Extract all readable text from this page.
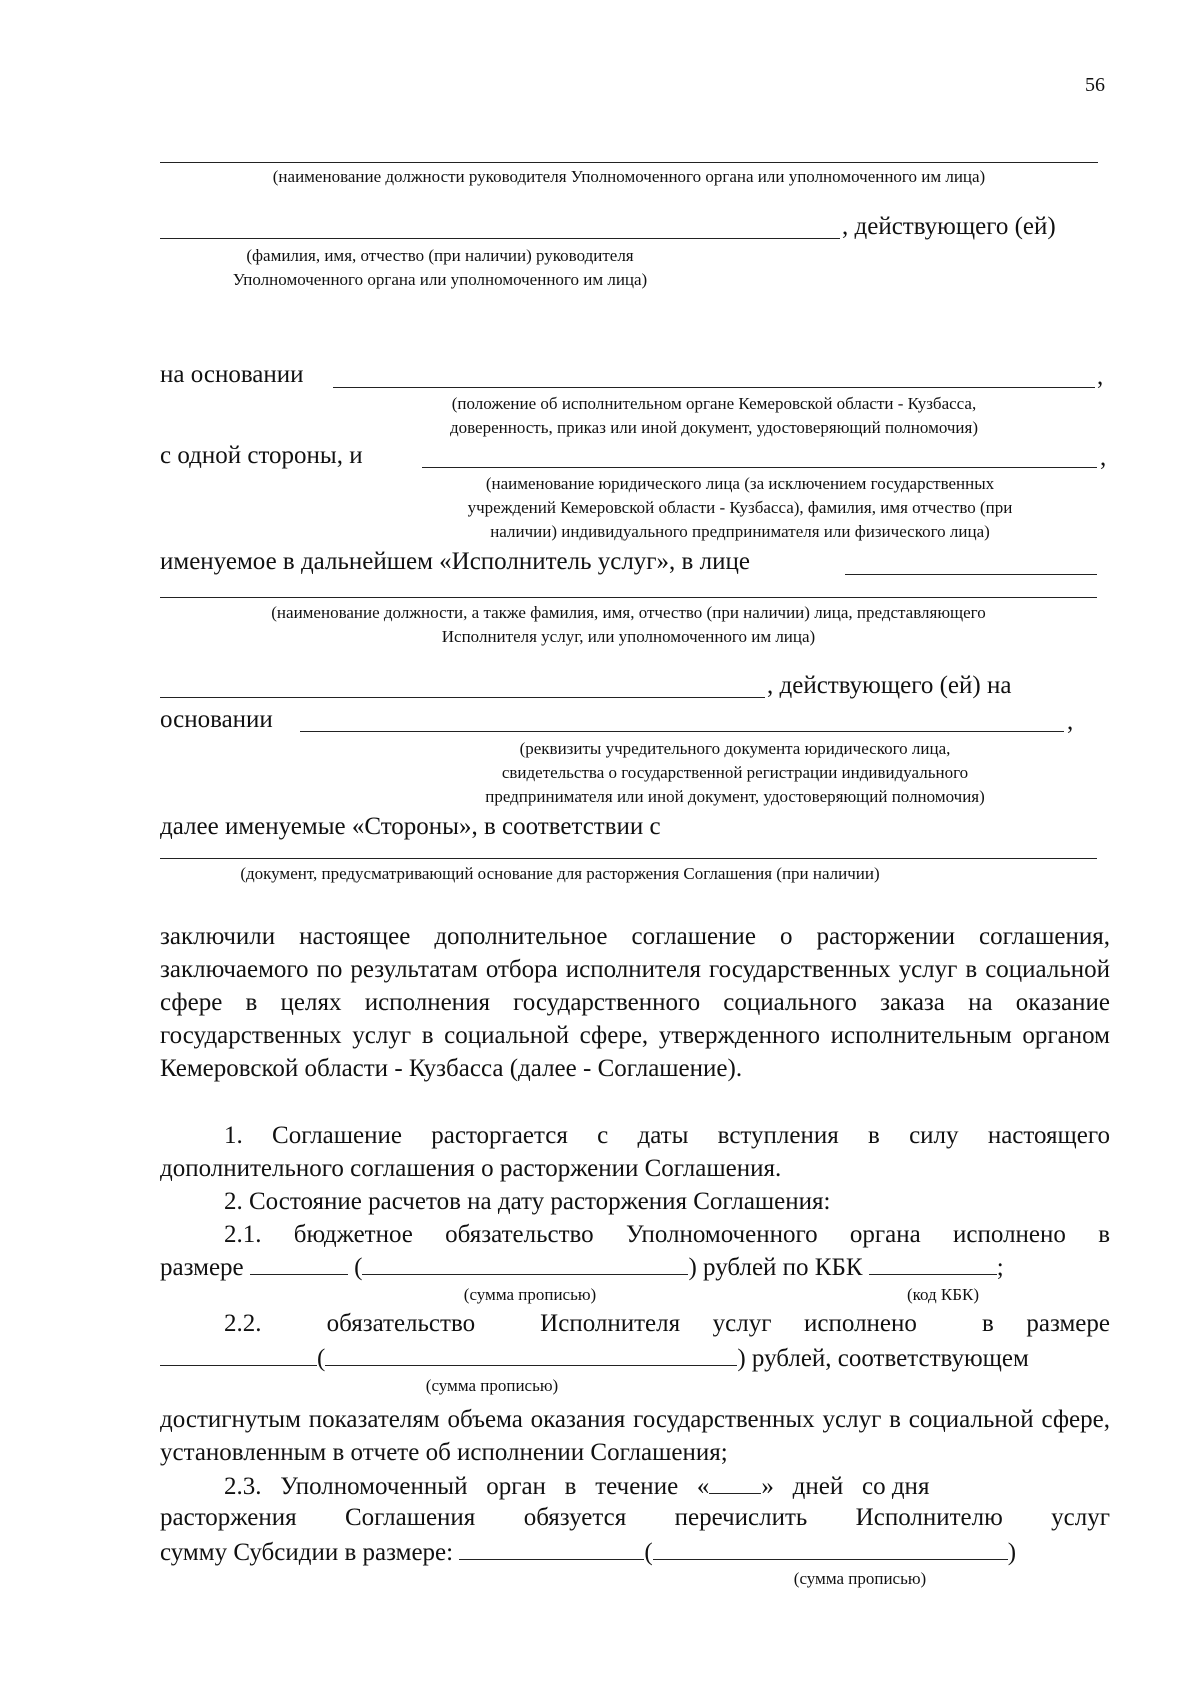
56
(наименование должности руководителя Уполномоченного органа или уполномоченного им лица)
, действующего (ей)
(фамилия, имя, отчество (при наличии) руководителя
Уполномоченного органа или уполномоченного им лица)
на основании	,
(положение об исполнительном органе Кемеровской области - Кузбасса,
доверенность, приказ или иной документ, удостоверяющий полномочия)
с одной стороны, и	,
(наименование юридического лица (за исключением государственных
учреждений Кемеровской области - Кузбасса), фамилия, имя отчество (при
наличии) индивидуального предпринимателя или физического лица)
именуемое в дальнейшем «Исполнитель услуг», в лице
(наименование должности, а также фамилия, имя, отчество (при наличии) лица, представляющего
Исполнителя услуг, или уполномоченного им лица)
, действующего (ей) на
основании	,
(реквизиты учредительного документа юридического лица,
свидетельства о государственной регистрации индивидуального
предпринимателя или иной документ, удостоверяющий полномочия)
далее именуемые «Стороны», в соответствии с
(документ, предусматривающий основание для расторжения Соглашения (при наличии)
заключили настоящее дополнительное соглашение о расторжении соглашения, заключаемого по результатам отбора исполнителя государственных услуг в социальной сфере в целях исполнения государственного социального заказа на оказание государственных услуг в социальной сфере, утвержденного исполнительным органом Кемеровской области - Кузбасса (далее - Соглашение).
1. Соглашение расторгается с даты вступления в силу настоящего дополнительного соглашения о расторжении Соглашения.
2. Состояние расчетов на дату расторжения Соглашения:
2.1. бюджетное обязательство Уполномоченного органа исполнено в
размере	(	) рублей по КБК	;
(сумма прописью)	(код КБК)
2.2.    обязательство    Исполнителя  услуг  исполнено    в  размере
(	) рублей, соответствующем
(сумма прописью)
достигнутым показателям объема оказания государственных услуг в социальной сфере, установленным в отчете об исполнении Соглашения;
2.3.   Уполномоченный   орган   в   течение   « »   дней   со дня
расторжения Соглашения обязуется перечислить Исполнителю услуг
сумму Субсидии в размере:	(	)
(сумма прописью)
